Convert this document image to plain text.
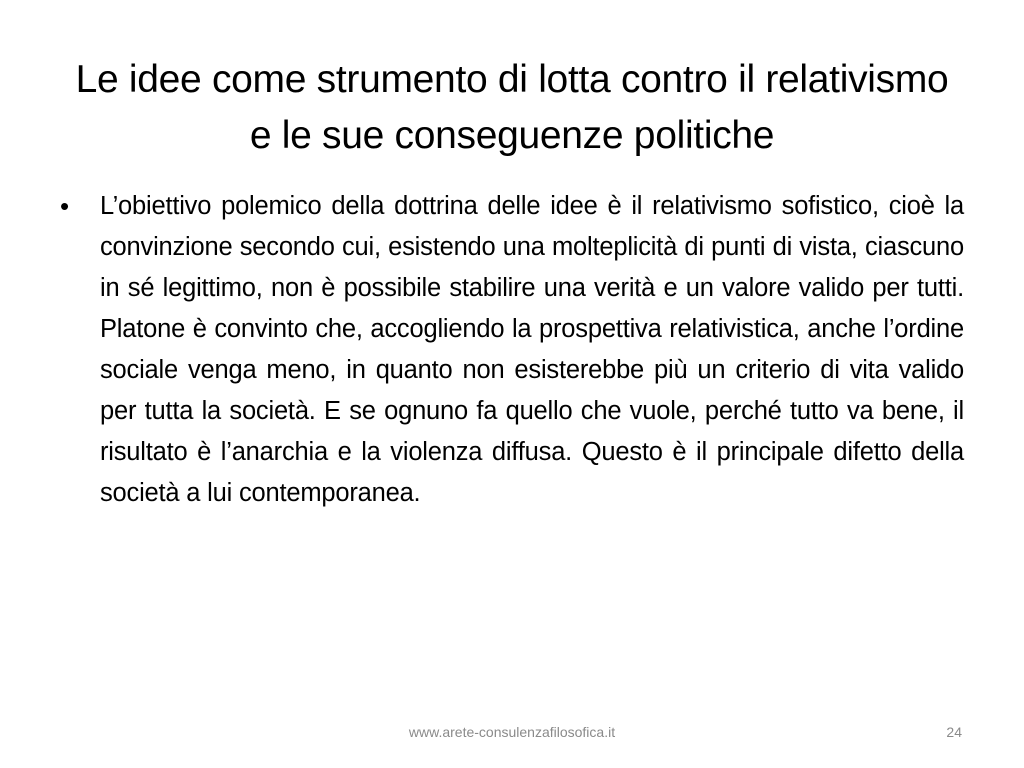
Le idee come strumento di lotta contro il relativismo e le sue conseguenze politiche
•	L’obiettivo polemico della dottrina delle idee è il relativismo sofistico, cioè la convinzione secondo cui, esistendo una molteplicità di punti di vista, ciascuno in sé legittimo, non è possibile stabilire una verità e un valore valido per tutti. Platone è convinto che, accogliendo la prospettiva relativistica, anche l’ordine sociale venga meno, in quanto non esisterebbe più un criterio di vita valido per tutta la società. E se ognuno fa quello che vuole, perché tutto va bene, il risultato è l’anarchia e la violenza diffusa. Questo è il principale difetto della società a lui contemporanea.

www.arete-consulenzafilosofica.it	24
